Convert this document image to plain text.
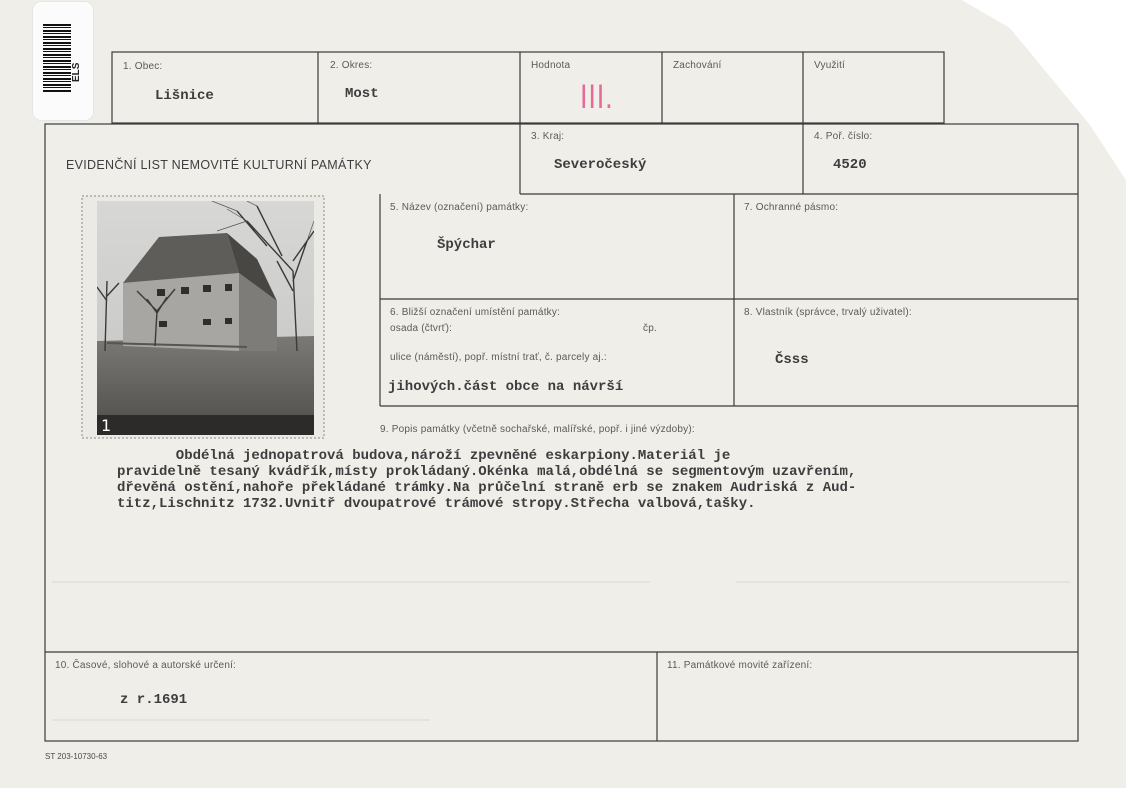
ELS	1. Obec:
Lišnice
2. Okres:
Most
Hodnota
III.
Zachování	Využití
EVIDENČNÍ LIST NEMOVITÉ KULTURNÍ PAMÁTKY
3. Kraj:
Severočeský
4. Poř. číslo:
4520
1
5. Název (označení) památky:
Špýchar
7. Ochranné pásmo:
6. Bližší označení umístění památky:
osada (čtvrť):	čp.
ulice (náměstí), popř. místní trať, č. parcely aj.:
jihových.část obce na návrší
8. Vlastník (správce, trvalý uživatel):
Čsss
9. Popis památky (včetně sochařské, malířské, popř. i jiné výzdoby):
Obdélná jednopatrová budova,nároží zpevněné eskarpiony.Materiál je
pravidelně tesaný kvádřík,místy prokládaný.Okénka malá,obdélná se segmentovým uzavřením,
dřevěná ostění,nahoře překládané trámky.Na průčelní straně erb se znakem Audriská z Aud-
titz,Lischnitz 1732.Uvnitř dvoupatrové trámové stropy.Střecha valbová,tašky.
10. Časové, slohové a autorské určení:
z r.1691
11. Památkové movité zařízení:
ST 203-10730-63
